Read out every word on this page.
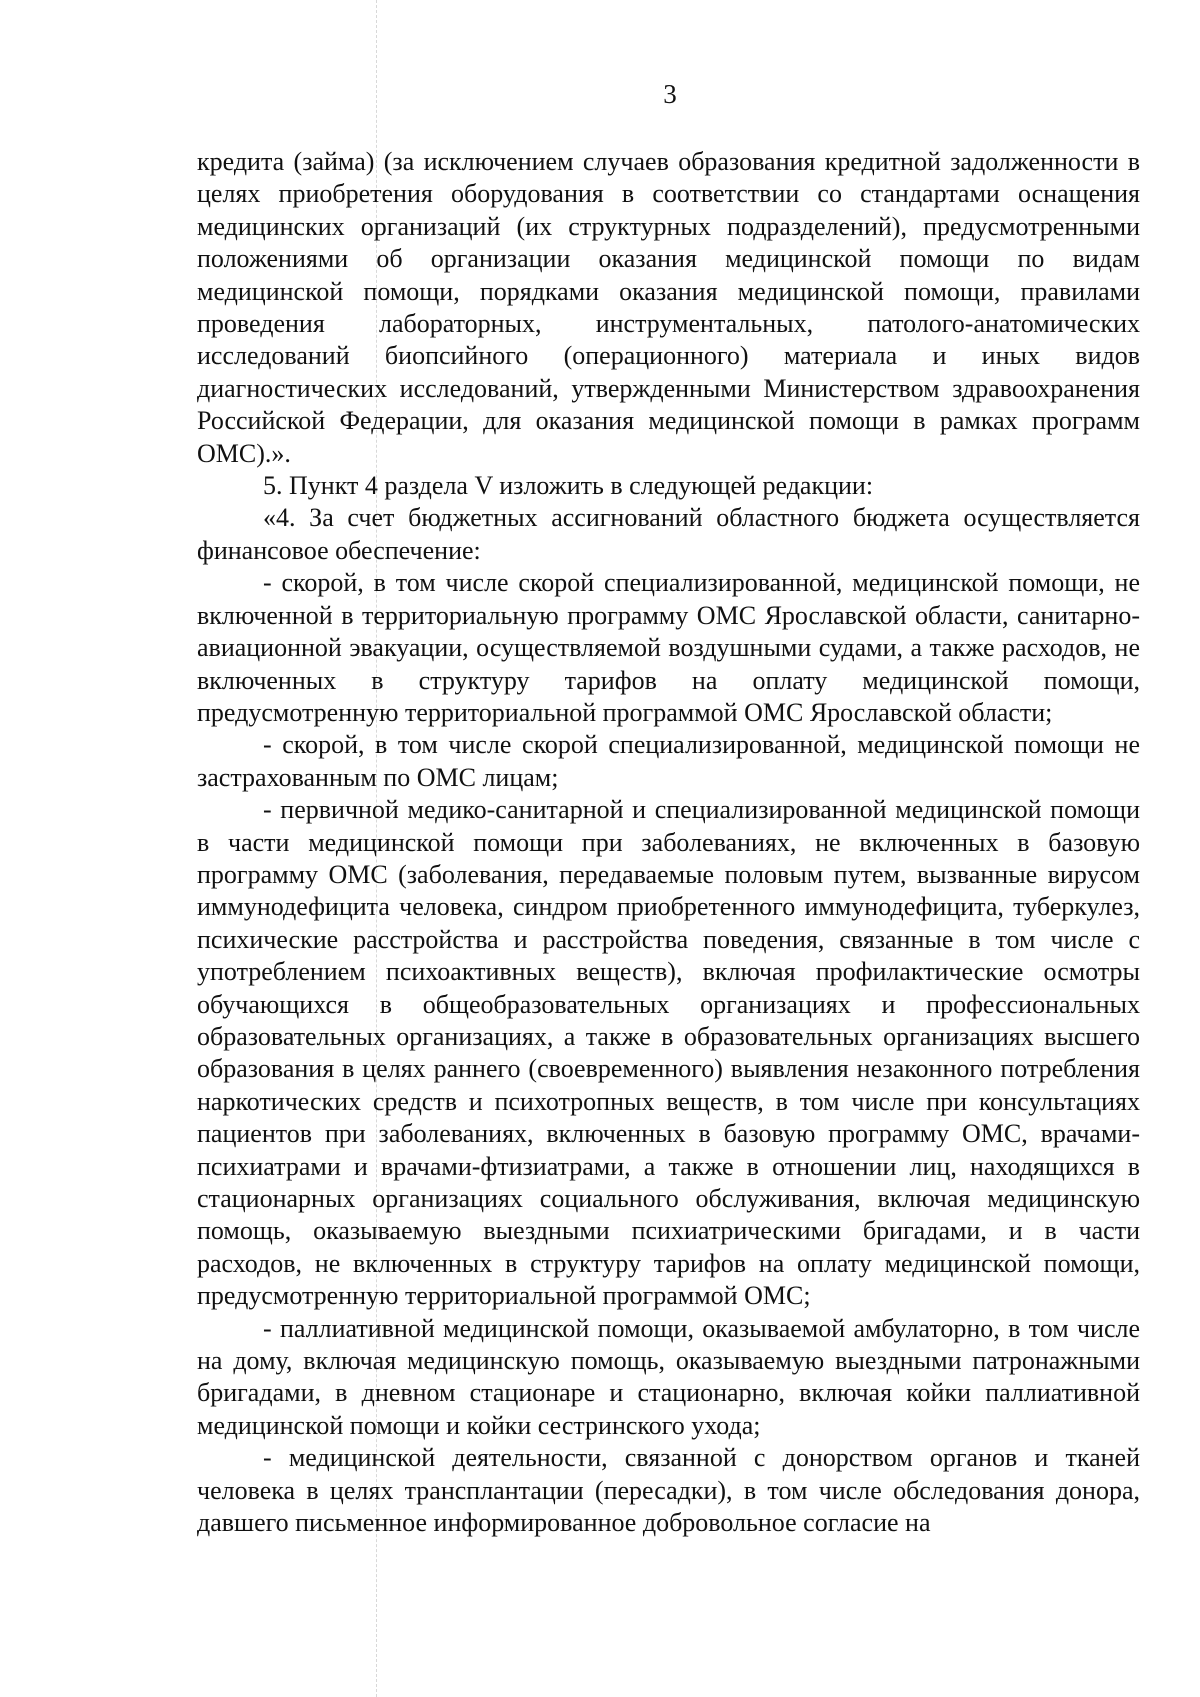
3

кредита (займа) (за исключением случаев образования кредитной задолженности в целях приобретения оборудования в соответствии со стандартами оснащения медицинских организаций (их структурных подразделений), предусмотренными положениями об организации оказания медицинской помощи по видам медицинской помощи, порядками оказания медицинской помощи, правилами проведения лабораторных, инструментальных, патолого-анатомических исследований биопсийного (операционного) материала и иных видов диагностических исследований, утвержденными Министерством здравоохранения Российской Федерации, для оказания медицинской помощи в рамках программ ОМС).».

5. Пункт 4 раздела V изложить в следующей редакции:

«4. За счет бюджетных ассигнований областного бюджета осуществляется финансовое обеспечение:

- скорой, в том числе скорой специализированной, медицинской помощи, не включенной в территориальную программу ОМС Ярославской области, санитарно-авиационной эвакуации, осуществляемой воздушными судами, а также расходов, не включенных в структуру тарифов на оплату медицинской помощи, предусмотренную территориальной программой ОМС Ярославской области;

- скорой, в том числе скорой специализированной, медицинской помощи не застрахованным по ОМС лицам;

- первичной медико-санитарной и специализированной медицинской помощи в части медицинской помощи при заболеваниях, не включенных в базовую программу ОМС (заболевания, передаваемые половым путем, вызванные вирусом иммунодефицита человека, синдром приобретенного иммунодефицита, туберкулез, психические расстройства и расстройства поведения, связанные в том числе с употреблением психоактивных веществ), включая профилактические осмотры обучающихся в общеобразовательных организациях и профессиональных образовательных организациях, а также в образовательных организациях высшего образования в целях раннего (своевременного) выявления незаконного потребления наркотических средств и психотропных веществ, в том числе при консультациях пациентов при заболеваниях, включенных в базовую программу ОМС, врачами-психиатрами и врачами-фтизиатрами, а также в отношении лиц, находящихся в стационарных организациях социального обслуживания, включая медицинскую помощь, оказываемую выездными психиатрическими бригадами, и в части расходов, не включенных в структуру тарифов на оплату медицинской помощи, предусмотренную территориальной программой ОМС;

- паллиативной медицинской помощи, оказываемой амбулаторно, в том числе на дому, включая медицинскую помощь, оказываемую выездными патронажными бригадами, в дневном стационаре и стационарно, включая койки паллиативной медицинской помощи и койки сестринского ухода;

- медицинской деятельности, связанной с донорством органов и тканей человека в целях трансплантации (пересадки), в том числе обследования донора, давшего письменное информированное добровольное согласие на
